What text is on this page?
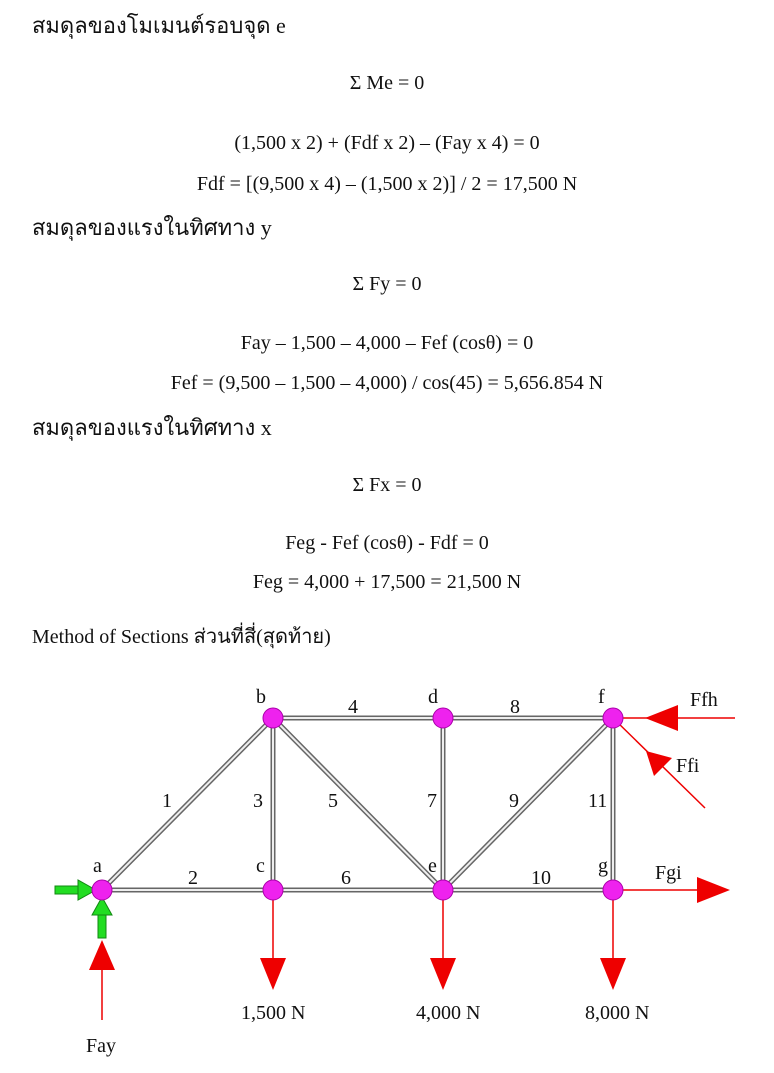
สมดุลของโมเมนต์รอบจุด e
Σ Me = 0
(1,500 x 2) + (Fdf x 2) – (Fay x 4) = 0
Fdf = [(9,500 x 4) – (1,500 x 2)] / 2 = 17,500 N
สมดุลของแรงในทิศทาง y
Σ Fy = 0
Fay – 1,500 – 4,000 – Fef (cosθ) = 0
Fef = (9,500 – 1,500 – 4,000) / cos(45) = 5,656.854 N
สมดุลของแรงในทิศทาง x
Σ Fx = 0
Feg - Fef (cosθ) - Fdf = 0
Feg = 4,000 + 17,500 = 21,500 N
Method of Sections ส่วนที่สี่(สุดท้าย)
a
b
c
d
e
f
g
1
2
3
4
5
6
7
8
9
10
11
Ffh
Ffi
Fgi
1,500 N	4,000 N	8,000 N
Fay
